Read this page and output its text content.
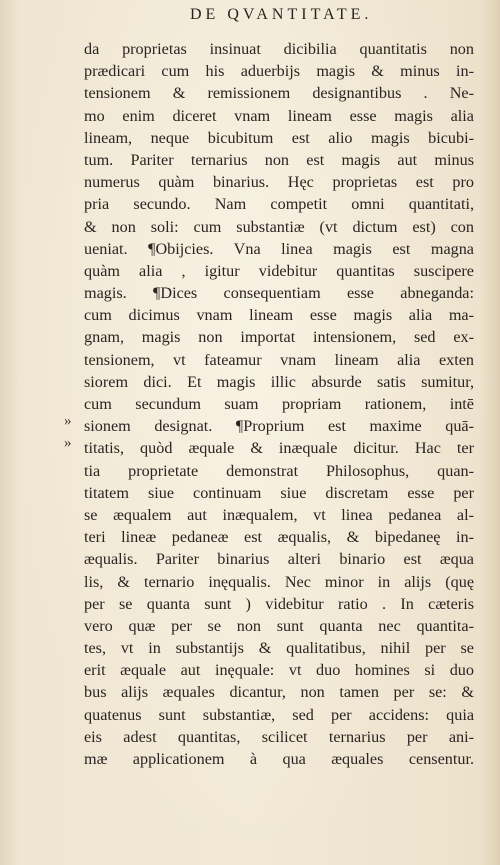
DE QVANTITATE.
»
»
da proprietas insinuat dicibilia quantitatis non
prædicari cum his aduerbijs magis & minus in-
tensionem & remissionem designantibus . Ne-
mo enim diceret vnam lineam esse magis alia
lineam, neque bicubitum est alio magis bicubi-
tum. Pariter ternarius non est magis aut minus
numerus quàm binarius. Hęc proprietas est pro
pria secundo. Nam competit omni quantitati,
& non soli: cum substantiæ (vt dictum est) con
ueniat. ¶Obijcies. Vna linea magis est magna
quàm alia , igitur videbitur quantitas suscipere
magis. ¶Dices consequentiam esse abneganda:
cum dicimus vnam lineam esse magis alia ma-
gnam, magis non importat intensionem, sed ex-
tensionem, vt fateamur vnam lineam alia exten
siorem dici. Et magis illic absurde satis sumitur,
cum secundum suam propriam rationem, intē
sionem designat. ¶Proprium est maxime quā-
titatis, quòd æquale & inæquale dicitur. Hac ter
tia proprietate demonstrat Philosophus, quan-
titatem siue continuam siue discretam esse per
se æqualem aut inæqualem, vt linea pedanea al-
teri lineæ pedaneæ est æqualis, & bipedaneę in-
æqualis. Pariter binarius alteri binario est æqua
lis, & ternario inęqualis. Nec minor in alijs (quę
per se quanta sunt ) videbitur ratio . In cæteris
vero quæ per se non sunt quanta nec quantita-
tes, vt in substantijs & qualitatibus, nihil per se
erit æquale aut inęquale: vt duo homines si duo
bus alijs æquales dicantur, non tamen per se: &
quatenus sunt substantiæ, sed per accidens: quia
eis adest quantitas, scilicet ternarius per ani-
mæ applicationem à qua æquales censentur.
